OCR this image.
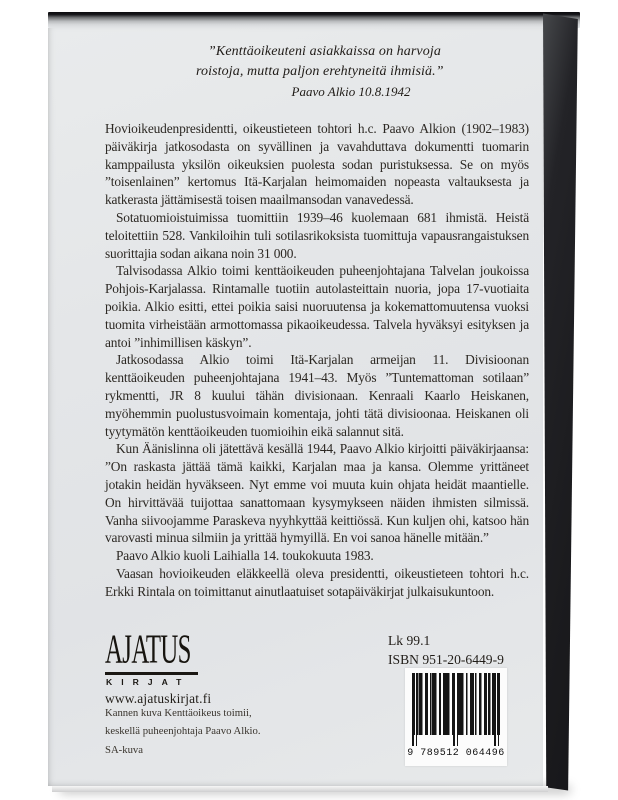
”Kenttäoikeuteni asiakkaissa on harvoja roistoja, mutta paljon erehtyneitä ihmisiä.”

Paavo Alkio 10.8.1942

Hovioikeudenpresidentti, oikeustieteen tohtori h.c. Paavo Alkion (1902–1983) päiväkirja jatkosodasta on syvällinen ja vavahduttava dokumentti tuomarin kamppailusta yksilön oikeuksien puolesta sodan puristuksessa. Se on myös ”toisenlainen” kertomus Itä-Karjalan heimomaiden nopeasta valtauksesta ja katkerasta jättämisestä toisen maailmansodan vanavedessä.

Sotatuomioistuimissa tuomittiin 1939–46 kuolemaan 681 ihmistä. Heistä teloitettiin 528. Vankiloihin tuli sotilasrikoksista tuomittuja vapausrangaistuksen suorittajia sodan aikana noin 31 000.

Talvisodassa Alkio toimi kenttäoikeuden puheenjohtajana Talvelan joukoissa Pohjois-Karjalassa. Rintamalle tuotiin autolasteittain nuoria, jopa 17-vuotiaita poikia. Alkio esitti, ettei poikia saisi nuoruutensa ja kokemattomuutensa vuoksi tuomita virheistään armottomassa pikaoikeudessa. Talvela hyväksyi esityksen ja antoi ”inhimillisen käskyn”.

Jatkosodassa Alkio toimi Itä-Karjalan armeijan 11. Divisioonan kenttäoikeuden puheenjohtajana 1941–43. Myös ”Tuntemattoman sotilaan” rykmentti, JR 8 kuului tähän divisionaan. Kenraali Kaarlo Heiskanen, myöhemmin puolustusvoimain komentaja, johti tätä divisioonaa. Heiskanen oli tyytymätön kenttäoikeuden tuomioihin eikä salannut sitä.

Kun Äänislinna oli jätettävä kesällä 1944, Paavo Alkio kirjoitti päiväkirjaansa: ”On raskasta jättää tämä kaikki, Karjalan maa ja kansa. Olemme yrittäneet jotakin heidän hyväkseen. Nyt emme voi muuta kuin ohjata heidät maantielle. On hirvittävää tuijottaa sanattomaan kysymykseen näiden ihmisten silmissä. Vanha siivoojamme Paraskeva nyyhkyttää keittiössä. Kun kuljen ohi, katsoo hän varovasti minua silmiin ja yrittää hymyillä. En voi sanoa hänelle mitään.”

Paavo Alkio kuoli Laihialla 14. toukokuuta 1983.

Vaasan hovioikeuden eläkkeellä oleva presidentti, oikeustieteen tohtori h.c. Erkki Rintala on toimittanut ainutlaatuiset sotapäiväkirjat julkaisukuntoon.

AJATUS
KIRJAT
www.ajatuskirjat.fi
Kannen kuva Kenttäoikeus toimii,
keskellä puheenjohtaja Paavo Alkio.
SA-kuva
Lk 99.1
ISBN 951-20-6449-9
9 789512 064496
